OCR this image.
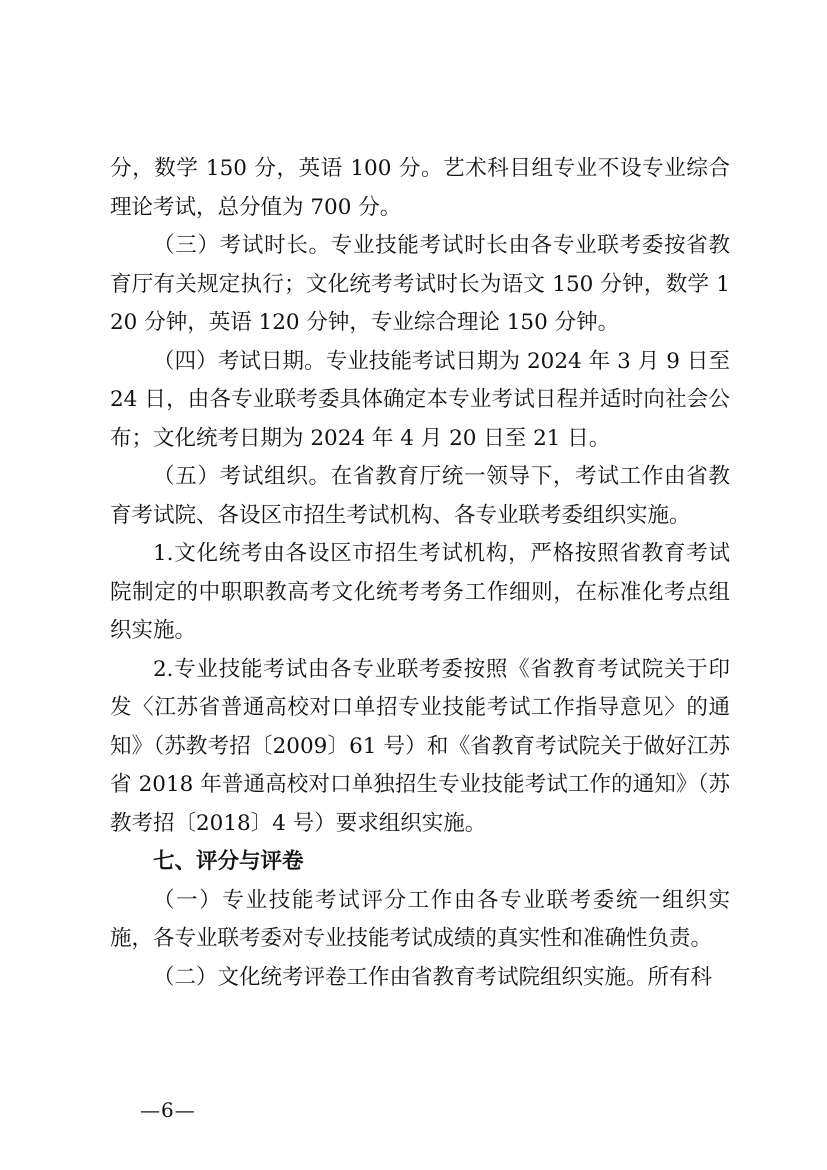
分，数学 150 分，英语 100 分。艺术科目组专业不设专业综合理论考试，总分值为 700 分。

（三）考试时长。专业技能考试时长由各专业联考委按省教育厅有关规定执行；文化统考考试时长为语文 150 分钟，数学 120 分钟，英语 120 分钟，专业综合理论 150 分钟。

（四）考试日期。专业技能考试日期为 2024 年 3 月 9 日至 24 日，由各专业联考委具体确定本专业考试日程并适时向社会公布；文化统考日期为 2024 年 4 月 20 日至 21 日。

（五）考试组织。在省教育厅统一领导下，考试工作由省教育考试院、各设区市招生考试机构、各专业联考委组织实施。

1.文化统考由各设区市招生考试机构，严格按照省教育考试院制定的中职职教高考文化统考考务工作细则，在标准化考点组织实施。

2.专业技能考试由各专业联考委按照《省教育考试院关于印发〈江苏省普通高校对口单招专业技能考试工作指导意见〉的通知》（苏教考招〔2009〕61 号）和《省教育考试院关于做好江苏省 2018 年普通高校对口单独招生专业技能考试工作的通知》（苏教考招〔2018〕4 号）要求组织实施。

七、评分与评卷

（一）专业技能考试评分工作由各专业联考委统一组织实施，各专业联考委对专业技能考试成绩的真实性和准确性负责。

（二）文化统考评卷工作由省教育考试院组织实施。所有科

—6—
